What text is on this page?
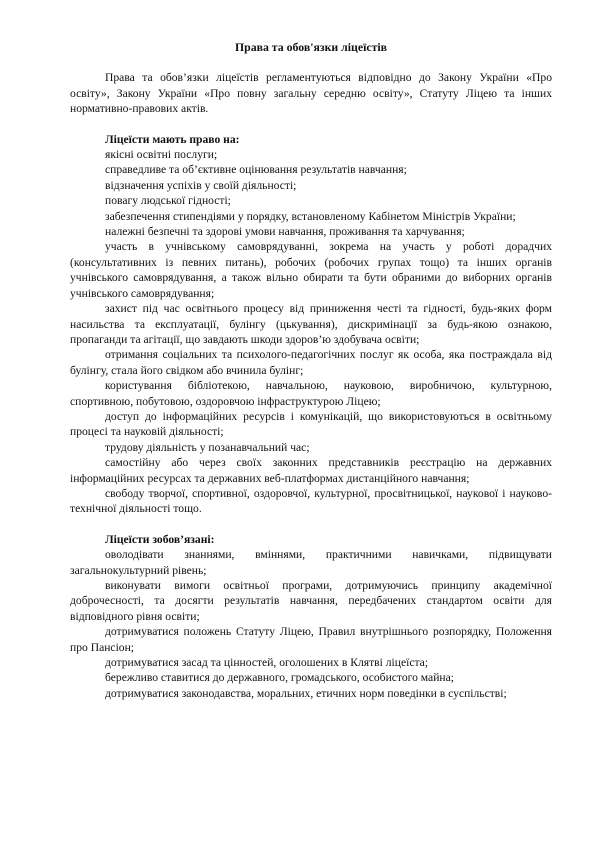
Права та обов'язки ліцеїстів

Права та обов’язки ліцеїстів регламентуються відповідно до Закону України «Про освіту», Закону України «Про повну загальну середню освіту», Статуту Ліцею та інших нормативно-правових актів.

Ліцеїсти мають право на:

якісні освітні послуги;

справедливе та об’єктивне оцінювання результатів навчання;

відзначення успіхів у своїй діяльності;

повагу людської гідності;

забезпечення стипендіями у порядку, встановленому Кабінетом Міністрів України;

належні безпечні та здорові умови навчання, проживання та харчування;

участь в учнівському самоврядуванні, зокрема на участь у роботі дорадчих (консультативних із певних питань), робочих (робочих групах тощо) та інших органів учнівського самоврядування, а також вільно обирати та бути обраними до виборних органів учнівського самоврядування;

захист під час освітнього процесу від приниження честі та гідності, будь-яких форм насильства та експлуатації, булінгу (цькування), дискримінації за будь-якою ознакою, пропаганди та агітації, що завдають шкоди здоров’ю здобувача освіти;

отримання соціальних та психолого-педагогічних послуг як особа, яка постраждала від булінгу, стала його свідком або вчинила булінг;

користування бібліотекою, навчальною, науковою, виробничою, культурною, спортивною, побутовою, оздоровчою інфраструктурою Ліцею;

доступ до інформаційних ресурсів і комунікацій, що використовуються в освітньому процесі та науковій діяльності;

трудову діяльність у позанавчальний час;

самостійну або через своїх законних представників реєстрацію на державних інформаційних ресурсах та державних веб-платформах дистанційного навчання;

свободу творчої, спортивної, оздоровчої, культурної, просвітницької, наукової і науково-технічної діяльності тощо.

Ліцеїсти зобов’язані:

оволодівати знаннями, вміннями, практичними навичками, підвищувати загальнокультурний рівень;

виконувати вимоги освітньої програми, дотримуючись принципу академічної доброчесності, та досягти результатів навчання, передбачених стандартом освіти для відповідного рівня освіти;

дотримуватися положень Статуту Ліцею, Правил внутрішнього розпорядку, Положення про Пансіон;

дотримуватися засад та цінностей, оголошених в Клятві ліцеїста;

бережливо ставитися до державного, громадського, особистого майна;

дотримуватися законодавства, моральних, етичних норм поведінки в суспільстві;
